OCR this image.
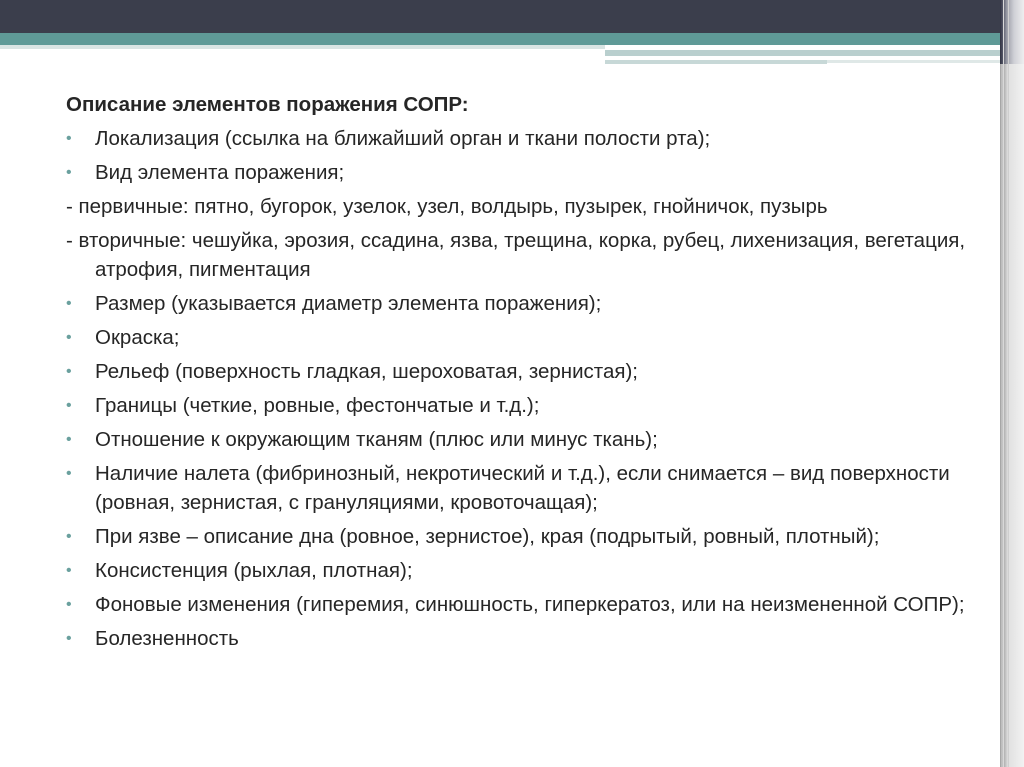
Описание элементов поражения СОПР:
•	Локализация (ссылка на ближайший орган и ткани полости рта);
•	Вид элемента поражения;
- первичные: пятно, бугорок, узелок, узел, волдырь, пузырек, гнойничок, пузырь
- вторичные: чешуйка, эрозия, ссадина, язва, трещина, корка, рубец, лихенизация, вегетация, атрофия, пигментация
•	Размер (указывается диаметр элемента поражения);
•	Окраска;
•	Рельеф (поверхность гладкая, шероховатая, зернистая);
•	Границы (четкие, ровные, фестончатые и т.д.);
•	Отношение к окружающим тканям (плюс или минус ткань);
•	Наличие налета (фибринозный, некротический и т.д.), если снимается – вид поверхности (ровная, зернистая, с грануляциями, кровоточащая);
•	При язве – описание дна (ровное, зернистое), края (подрытый, ровный, плотный);
•	Консистенция (рыхлая, плотная);
•	Фоновые изменения (гиперемия, синюшность, гиперкератоз, или на неизмененной СОПР);
•	Болезненность
